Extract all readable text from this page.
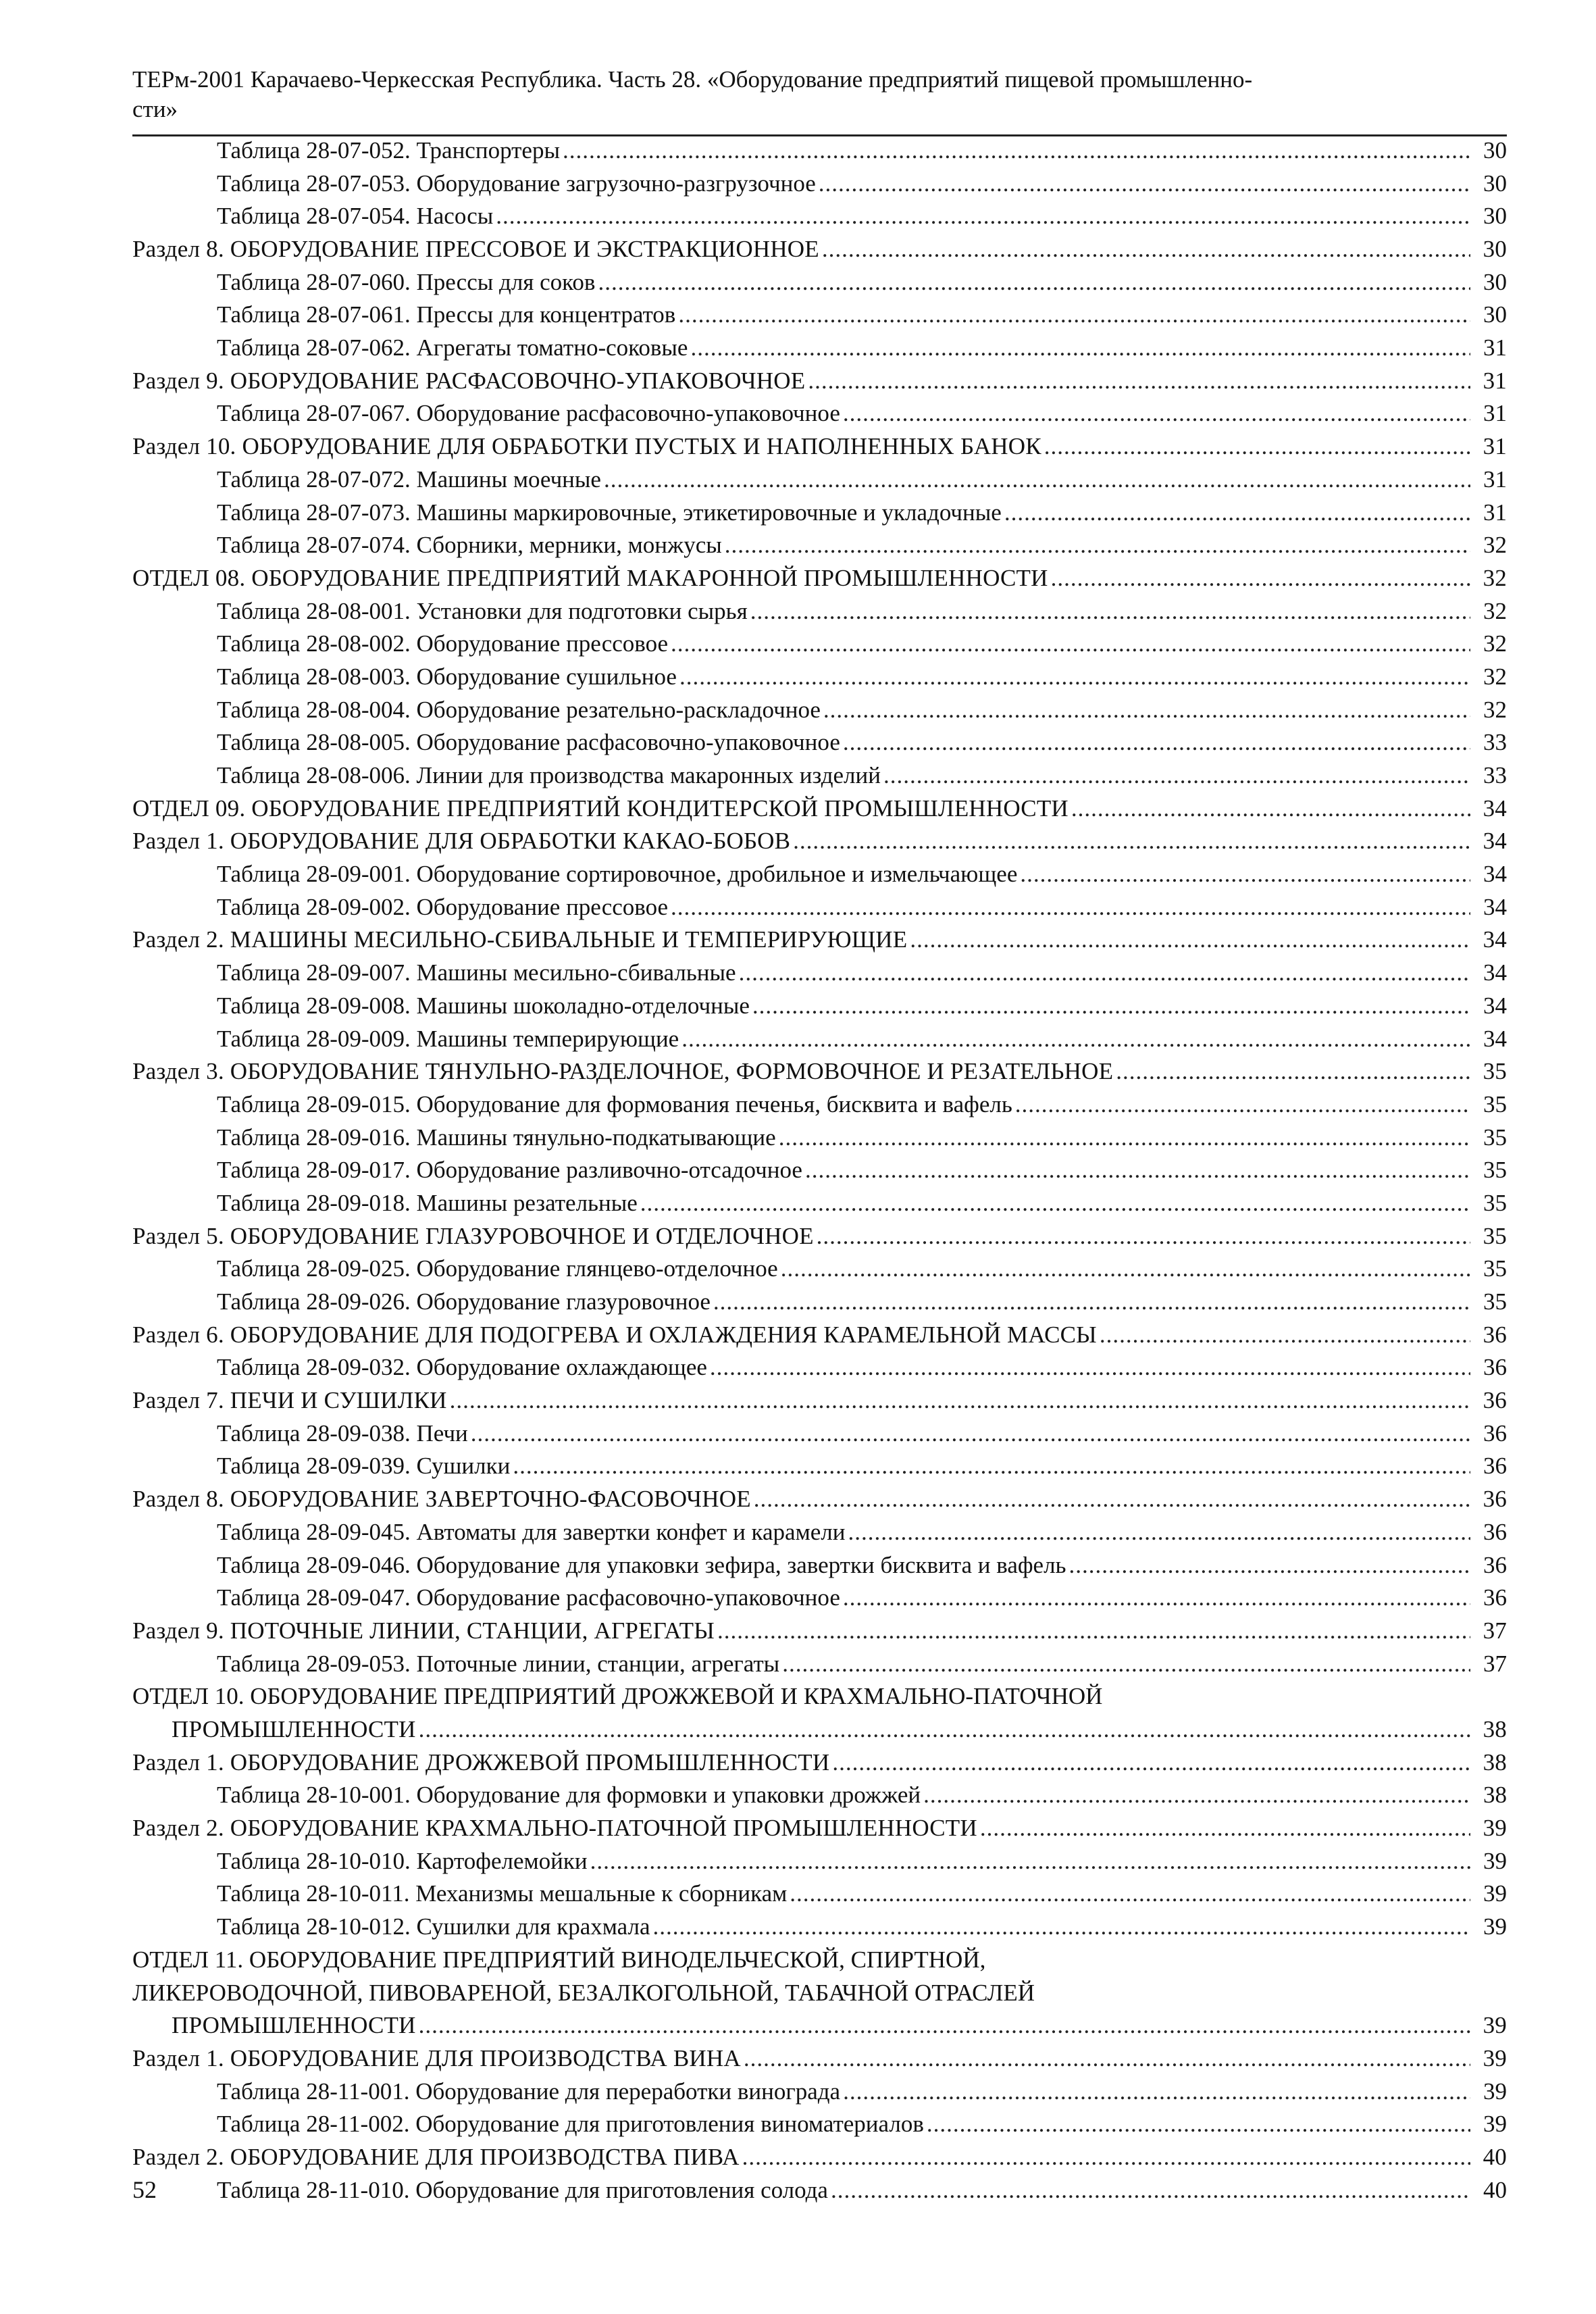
ТЕРм-2001 Карачаево-Черкесская Республика. Часть 28. «Оборудование предприятий пищевой промышленно-
сти»
Таблица 28-07-052. Транспортеры .....	30
Таблица 28-07-053. Оборудование загрузочно-разгрузочное .....	30
Таблица 28-07-054. Насосы .....	30
Раздел 8. ОБОРУДОВАНИЕ ПРЕССОВОЕ И ЭКСТРАКЦИОННОЕ .....	30
Таблица 28-07-060. Прессы для соков .....	30
Таблица 28-07-061. Прессы для концентратов .....	30
Таблица 28-07-062. Агрегаты томатно-соковые .....	31
Раздел 9. ОБОРУДОВАНИЕ РАСФАСОВОЧНО-УПАКОВОЧНОЕ .....	31
Таблица 28-07-067. Оборудование расфасовочно-упаковочное .....	31
Раздел 10. ОБОРУДОВАНИЕ ДЛЯ ОБРАБОТКИ ПУСТЫХ И НАПОЛНЕННЫХ БАНОК .....	31
Таблица 28-07-072. Машины моечные .....	31
Таблица 28-07-073. Машины маркировочные, этикетировочные и укладочные .....	31
Таблица 28-07-074. Сборники, мерники, монжусы .....	32
ОТДЕЛ 08. ОБОРУДОВАНИЕ ПРЕДПРИЯТИЙ МАКАРОННОЙ ПРОМЫШЛЕННОСТИ .....	32
Таблица 28-08-001. Установки для подготовки сырья .....	32
Таблица 28-08-002. Оборудование прессовое .....	32
Таблица 28-08-003. Оборудование сушильное .....	32
Таблица 28-08-004. Оборудование резательно-раскладочное .....	32
Таблица 28-08-005. Оборудование расфасовочно-упаковочное .....	33
Таблица 28-08-006. Линии для производства макаронных изделий .....	33
ОТДЕЛ 09. ОБОРУДОВАНИЕ ПРЕДПРИЯТИЙ КОНДИТЕРСКОЙ ПРОМЫШЛЕННОСТИ .....	34
Раздел 1. ОБОРУДОВАНИЕ ДЛЯ ОБРАБОТКИ КАКАО-БОБОВ .....	34
Таблица 28-09-001. Оборудование сортировочное, дробильное и измельчающее .....	34
Таблица 28-09-002. Оборудование прессовое .....	34
Раздел 2. МАШИНЫ МЕСИЛЬНО-СБИВАЛЬНЫЕ И ТЕМПЕРИРУЮЩИЕ .....	34
Таблица 28-09-007. Машины месильно-сбивальные .....	34
Таблица 28-09-008. Машины шоколадно-отделочные .....	34
Таблица 28-09-009. Машины темперирующие .....	34
Раздел 3. ОБОРУДОВАНИЕ ТЯНУЛЬНО-РАЗДЕЛОЧНОЕ, ФОРМОВОЧНОЕ И РЕЗАТЕЛЬНОЕ .....	35
Таблица 28-09-015. Оборудование для формования печенья, бисквита и вафель .....	35
Таблица 28-09-016. Машины тянульно-подкатывающие .....	35
Таблица 28-09-017. Оборудование разливочно-отсадочное .....	35
Таблица 28-09-018. Машины резательные .....	35
Раздел 5. ОБОРУДОВАНИЕ ГЛАЗУРОВОЧНОЕ И ОТДЕЛОЧНОЕ .....	35
Таблица 28-09-025. Оборудование глянцево-отделочное .....	35
Таблица 28-09-026. Оборудование глазуровочное .....	35
Раздел 6. ОБОРУДОВАНИЕ ДЛЯ ПОДОГРЕВА И ОХЛАЖДЕНИЯ КАРАМЕЛЬНОЙ МАССЫ .....	36
Таблица 28-09-032. Оборудование охлаждающее .....	36
Раздел 7. ПЕЧИ И СУШИЛКИ .....	36
Таблица 28-09-038. Печи .....	36
Таблица 28-09-039. Сушилки .....	36
Раздел 8. ОБОРУДОВАНИЕ ЗАВЕРТОЧНО-ФАСОВОЧНОЕ .....	36
Таблица 28-09-045. Автоматы для завертки конфет и карамели .....	36
Таблица 28-09-046. Оборудование для упаковки зефира, завертки бисквита и вафель .....	36
Таблица 28-09-047. Оборудование расфасовочно-упаковочное .....	36
Раздел 9. ПОТОЧНЫЕ ЛИНИИ, СТАНЦИИ, АГРЕГАТЫ .....	37
Таблица 28-09-053. Поточные линии, станции, агрегаты .....	37
ОТДЕЛ 10. ОБОРУДОВАНИЕ ПРЕДПРИЯТИЙ ДРОЖЖЕВОЙ И КРАХМАЛЬНО-ПАТОЧНОЙ
ПРОМЫШЛЕННОСТИ .....	38
Раздел 1. ОБОРУДОВАНИЕ ДРОЖЖЕВОЙ ПРОМЫШЛЕННОСТИ .....	38
Таблица 28-10-001. Оборудование для формовки и упаковки дрожжей .....	38
Раздел 2. ОБОРУДОВАНИЕ КРАХМАЛЬНО-ПАТОЧНОЙ ПРОМЫШЛЕННОСТИ .....	39
Таблица 28-10-010. Картофелемойки .....	39
Таблица 28-10-011. Механизмы мешальные к сборникам .....	39
Таблица 28-10-012. Сушилки для крахмала .....	39
ОТДЕЛ 11. ОБОРУДОВАНИЕ ПРЕДПРИЯТИЙ ВИНОДЕЛЬЧЕСКОЙ, СПИРТНОЙ,
ЛИКЕРОВОДОЧНОЙ, ПИВОВАРЕНОЙ, БЕЗАЛКОГОЛЬНОЙ, ТАБАЧНОЙ ОТРАСЛЕЙ
ПРОМЫШЛЕННОСТИ .....	39
Раздел 1. ОБОРУДОВАНИЕ ДЛЯ ПРОИЗВОДСТВА ВИНА .....	39
Таблица 28-11-001. Оборудование для переработки винограда .....	39
Таблица 28-11-002. Оборудование для приготовления виноматериалов .....	39
Раздел 2. ОБОРУДОВАНИЕ ДЛЯ ПРОИЗВОДСТВА ПИВА .....	40
Таблица 28-11-010. Оборудование для приготовления солода .....	40
52
